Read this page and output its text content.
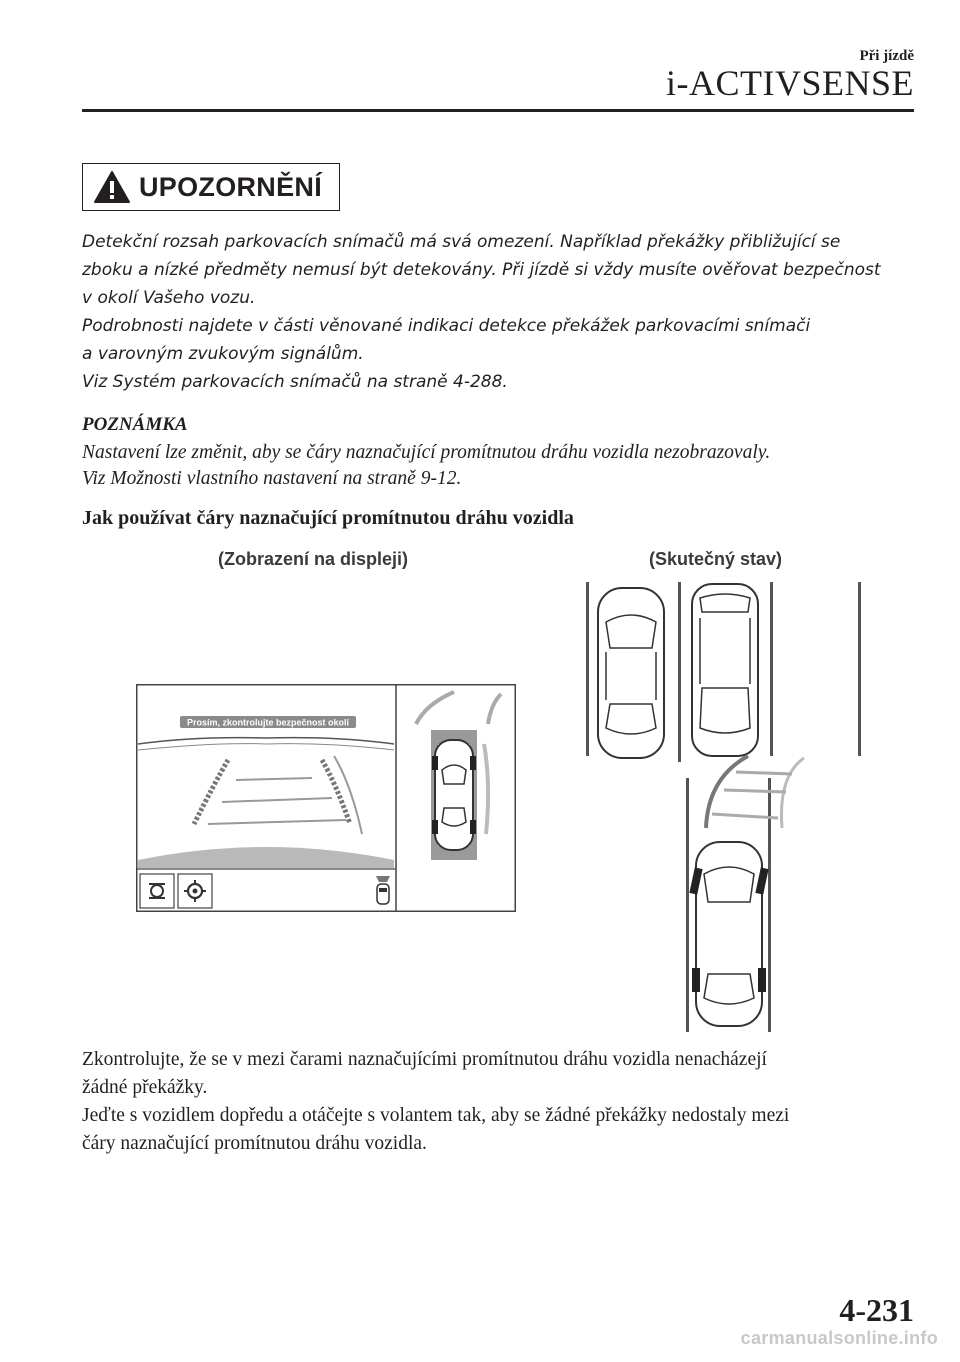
Při jízdě
i-ACTIVSENSE
UPOZORNĚNÍ

Detekční rozsah parkovacích snímačů má svá omezení. Například překážky přibližující se

zboku a nízké předměty nemusí být detekovány. Při jízdě si vždy musíte ověřovat bezpečnost

v okolí Vašeho vozu.

Podrobnosti najdete v části věnované indikaci detekce překážek parkovacími snímači

a varovným zvukovým signálům.

Viz Systém parkovacích snímačů na straně 4-288.

POZNÁMKA

Nastavení lze změnit, aby se čáry naznačující promítnutou dráhu vozidla nezobrazovaly.

Viz Možnosti vlastního nastavení na straně 9-12.

Jak používat čáry naznačující promítnutou dráhu vozidla
(Zobrazení na displeji)	(Skutečný stav)
Prosím, zkontrolujte bezpečnost okolí

Zkontrolujte, že se v mezi čarami naznačujícími promítnutou dráhu vozidla nenacházejí

žádné překážky.

Jeďte s vozidlem dopředu a otáčejte s volantem tak, aby se žádné překážky nedostaly mezi

čáry naznačující promítnutou dráhu vozidla.

4-231
carmanualsonline.info
